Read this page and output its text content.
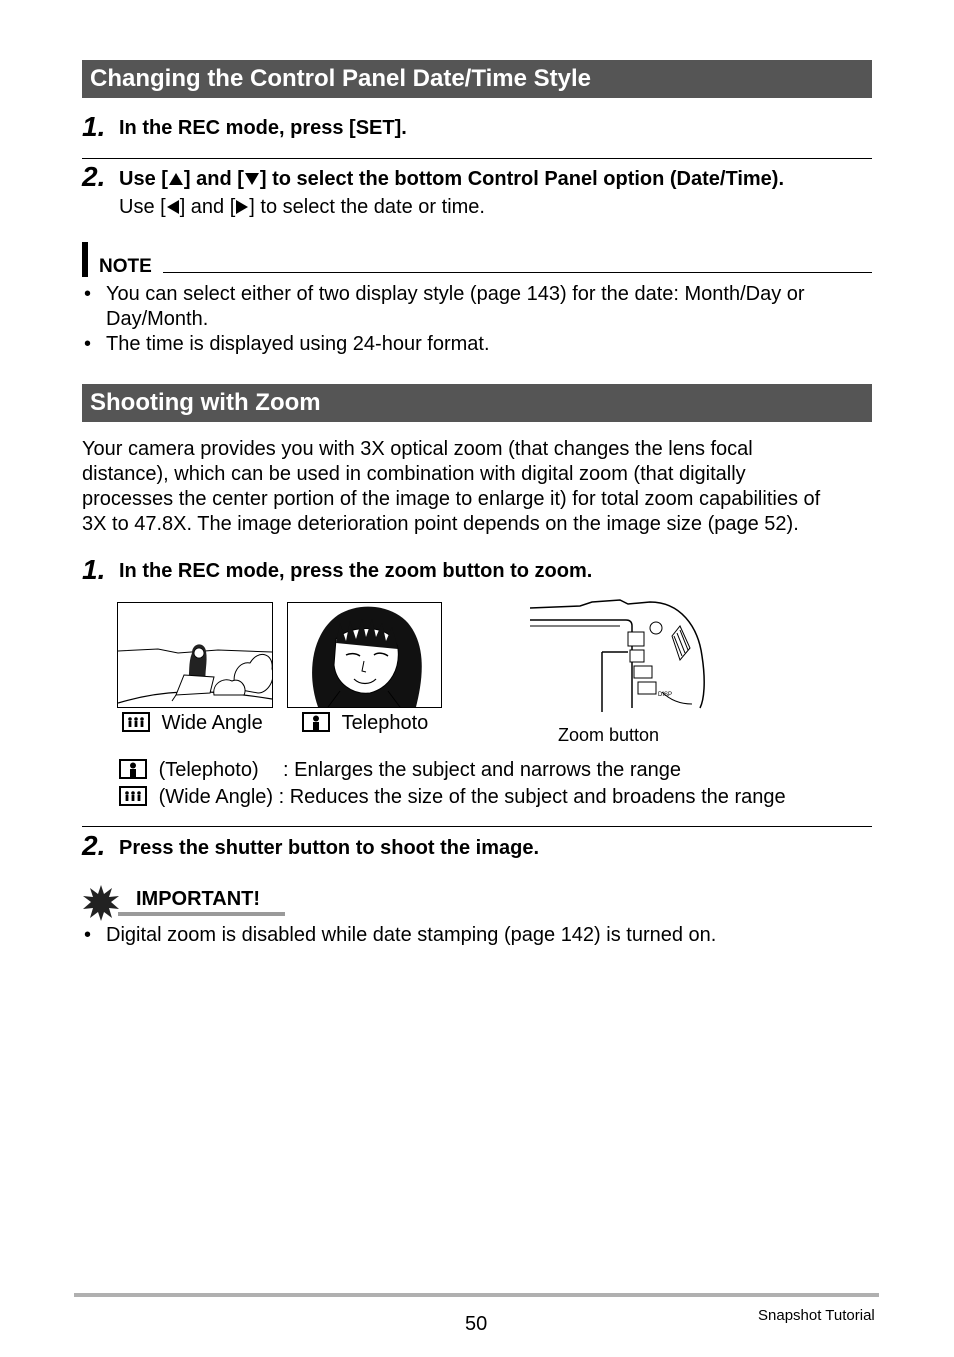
Changing the Control Panel Date/Time Style
1. In the REC mode, press [SET].
2. Use [ ] and [ ] to select the bottom Control Panel option (Date/Time).
Use [ ] and [ ] to select the date or time.
NOTE
• You can select either of two display style (page 143) for the date: Month/Day or
Day/Month.
• The time is displayed using 24-hour format.
Shooting with Zoom
Your camera provides you with 3X optical zoom (that changes the lens focal
distance), which can be used in combination with digital zoom (that digitally
processes the center portion of the image to enlarge it) for total zoom capabilities of
3X to 47.8X. The image deterioration point depends on the image size (page 52).
1. In the REC mode, press the zoom button to zoom.
DISP
Wide Angle	Telephoto
Zoom button
(Telephoto) : Enlarges the subject and narrows the range
(Wide Angle) : Reduces the size of the subject and broadens the range
2. Press the shutter button to shoot the image.
IMPORTANT!
• Digital zoom is disabled while date stamping (page 142) is turned on.
50	Snapshot Tutorial
